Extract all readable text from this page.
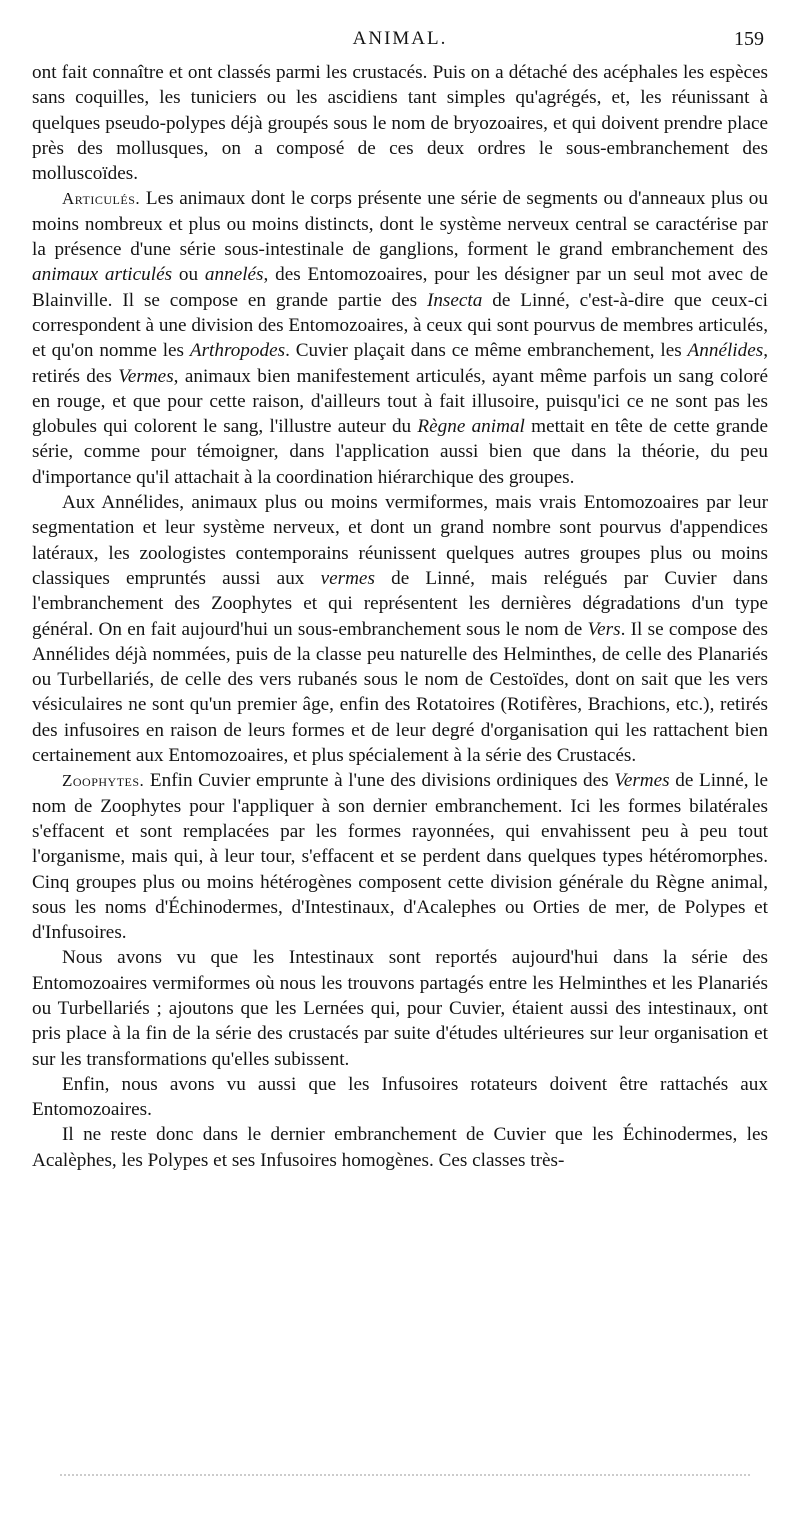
ANIMAL.	159

ont fait connaître et ont classés parmi les crustacés. Puis on a détaché des acéphales les espèces sans coquilles, les tuniciers ou les ascidiens tant simples qu'agrégés, et, les réunissant à quelques pseudo-polypes déjà groupés sous le nom de bryozoaires, et qui doivent prendre place près des mollusques, on a composé de ces deux ordres le sous-embranchement des molluscoïdes.

Articulés. Les animaux dont le corps présente une série de segments ou d'anneaux plus ou moins nombreux et plus ou moins distincts, dont le système nerveux central se caractérise par la présence d'une série sous-intestinale de ganglions, forment le grand embranchement des animaux articulés ou annelés, des Entomozoaires, pour les désigner par un seul mot avec de Blainville. Il se compose en grande partie des Insecta de Linné, c'est-à-dire que ceux-ci correspondent à une division des Entomozoaires, à ceux qui sont pourvus de membres articulés, et qu'on nomme les Arthropodes. Cuvier plaçait dans ce même embranchement, les Annélides, retirés des Vermes, animaux bien manifestement articulés, ayant même parfois un sang coloré en rouge, et que pour cette raison, d'ailleurs tout à fait illusoire, puisqu'ici ce ne sont pas les globules qui colorent le sang, l'illustre auteur du Règne animal mettait en tête de cette grande série, comme pour témoigner, dans l'application aussi bien que dans la théorie, du peu d'importance qu'il attachait à la coordination hiérarchique des groupes.

Aux Annélides, animaux plus ou moins vermiformes, mais vrais Entomozoaires par leur segmentation et leur système nerveux, et dont un grand nombre sont pourvus d'appendices latéraux, les zoologistes contemporains réunissent quelques autres groupes plus ou moins classiques empruntés aussi aux vermes de Linné, mais relégués par Cuvier dans l'embranchement des Zoophytes et qui représentent les dernières dégradations d'un type général. On en fait aujourd'hui un sous-embranchement sous le nom de Vers. Il se compose des Annélides déjà nommées, puis de la classe peu naturelle des Helminthes, de celle des Planariés ou Turbellariés, de celle des vers rubanés sous le nom de Cestoïdes, dont on sait que les vers vésiculaires ne sont qu'un premier âge, enfin des Rotatoires (Rotifères, Brachions, etc.), retirés des infusoires en raison de leurs formes et de leur degré d'organisation qui les rattachent bien certainement aux Entomozoaires, et plus spécialement à la série des Crustacés.

Zoophytes. Enfin Cuvier emprunte à l'une des divisions ordiniques des Vermes de Linné, le nom de Zoophytes pour l'appliquer à son dernier embranchement. Ici les formes bilatérales s'effacent et sont remplacées par les formes rayonnées, qui envahissent peu à peu tout l'organisme, mais qui, à leur tour, s'effacent et se perdent dans quelques types hétéromorphes. Cinq groupes plus ou moins hétérogènes composent cette division générale du Règne animal, sous les noms d'Échinodermes, d'Intestinaux, d'Acalephes ou Orties de mer, de Polypes et d'Infusoires.

Nous avons vu que les Intestinaux sont reportés aujourd'hui dans la série des Entomozoaires vermiformes où nous les trouvons partagés entre les Helminthes et les Planariés ou Turbellariés ; ajoutons que les Lernées qui, pour Cuvier, étaient aussi des intestinaux, ont pris place à la fin de la série des crustacés par suite d'études ultérieures sur leur organisation et sur les transformations qu'elles subissent.

Enfin, nous avons vu aussi que les Infusoires rotateurs doivent être rattachés aux Entomozoaires.

Il ne reste donc dans le dernier embranchement de Cuvier que les Échinodermes, les Acalèphes, les Polypes et ses Infusoires homogènes. Ces classes très-
